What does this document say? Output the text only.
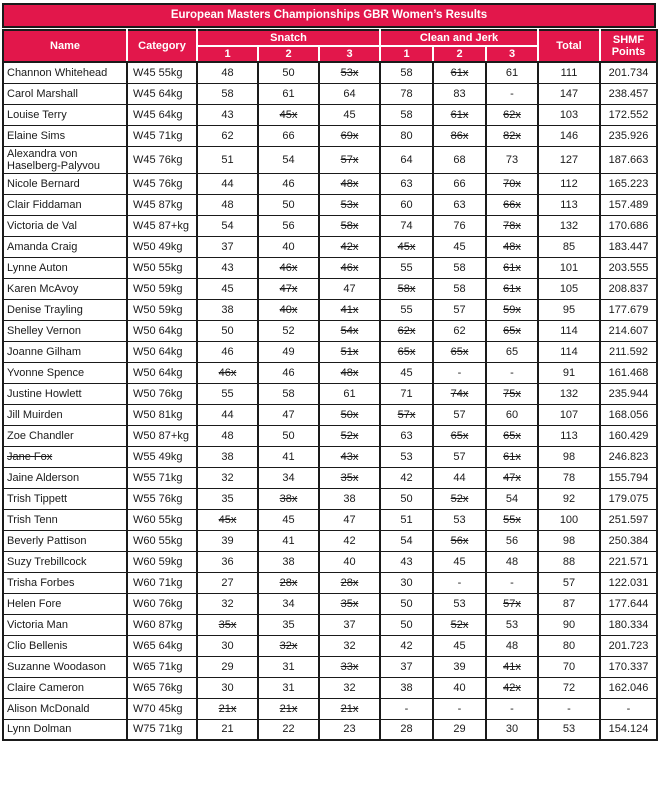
European Masters Championships GBR Women’s Results
Name	Category	Snatch			Clean and Jerk			Total	SHMF Points
		1	2	3	1	2	3		
Channon Whitehead	W45 55kg	48	50	53x	58	61x	61	111	201.734
Carol Marshall	W45 64kg	58	61	64	78	83	-	147	238.457
Louise Terry	W45 64kg	43	45x	45	58	61x	62x	103	172.552
Elaine Sims	W45 71kg	62	66	69x	80	86x	82x	146	235.926
Alexandra von Haselberg-Palyvou	W45 76kg	51	54	57x	64	68	73	127	187.663
Nicole Bernard	W45 76kg	44	46	48x	63	66	70x	112	165.223
Clair Fiddaman	W45 87kg	48	50	53x	60	63	66x	113	157.489
Victoria de Val	W45 87+kg	54	56	58x	74	76	78x	132	170.686
Amanda Craig	W50 49kg	37	40	42x	45x	45	48x	85	183.447
Lynne Auton	W50 55kg	43	46x	46x	55	58	61x	101	203.555
Karen McAvoy	W50 59kg	45	47x	47	58x	58	61x	105	208.837
Denise Trayling	W50 59kg	38	40x	41x	55	57	59x	95	177.679
Shelley Vernon	W50 64kg	50	52	54x	62x	62	65x	114	214.607
Joanne Gilham	W50 64kg	46	49	51x	65x	65x	65	114	211.592
Yvonne Spence	W50 64kg	46x	46	48x	45	-	-	91	161.468
Justine Howlett	W50 76kg	55	58	61	71	74x	75x	132	235.944
Jill Muirden	W50 81kg	44	47	50x	57x	57	60	107	168.056
Zoe Chandler	W50 87+kg	48	50	52x	63	65x	65x	113	160.429
Jane Fox	W55 49kg	38	41	43x	53	57	61x	98	246.823
Jaine Alderson	W55 71kg	32	34	35x	42	44	47x	78	155.794
Trish Tippett	W55 76kg	35	38x	38	50	52x	54	92	179.075
Trish Tenn	W60 55kg	45x	45	47	51	53	55x	100	251.597
Beverly Pattison	W60 55kg	39	41	42	54	56x	56	98	250.384
Suzy Trebillcock	W60 59kg	36	38	40	43	45	48	88	221.571
Trisha Forbes	W60 71kg	27	28x	28x	30	-	-	57	122.031
Helen Fore	W60 76kg	32	34	35x	50	53	57x	87	177.644
Victoria Man	W60 87kg	35x	35	37	50	52x	53	90	180.334
Clio Bellenis	W65 64kg	30	32x	32	42	45	48	80	201.723
Suzanne Woodason	W65 71kg	29	31	33x	37	39	41x	70	170.337
Claire Cameron	W65 76kg	30	31	32	38	40	42x	72	162.046
Alison McDonald	W70 45kg	21x	21x	21x	-	-	-	-	-
Lynn Dolman	W75 71kg	21	22	23	28	29	30	53	154.124
